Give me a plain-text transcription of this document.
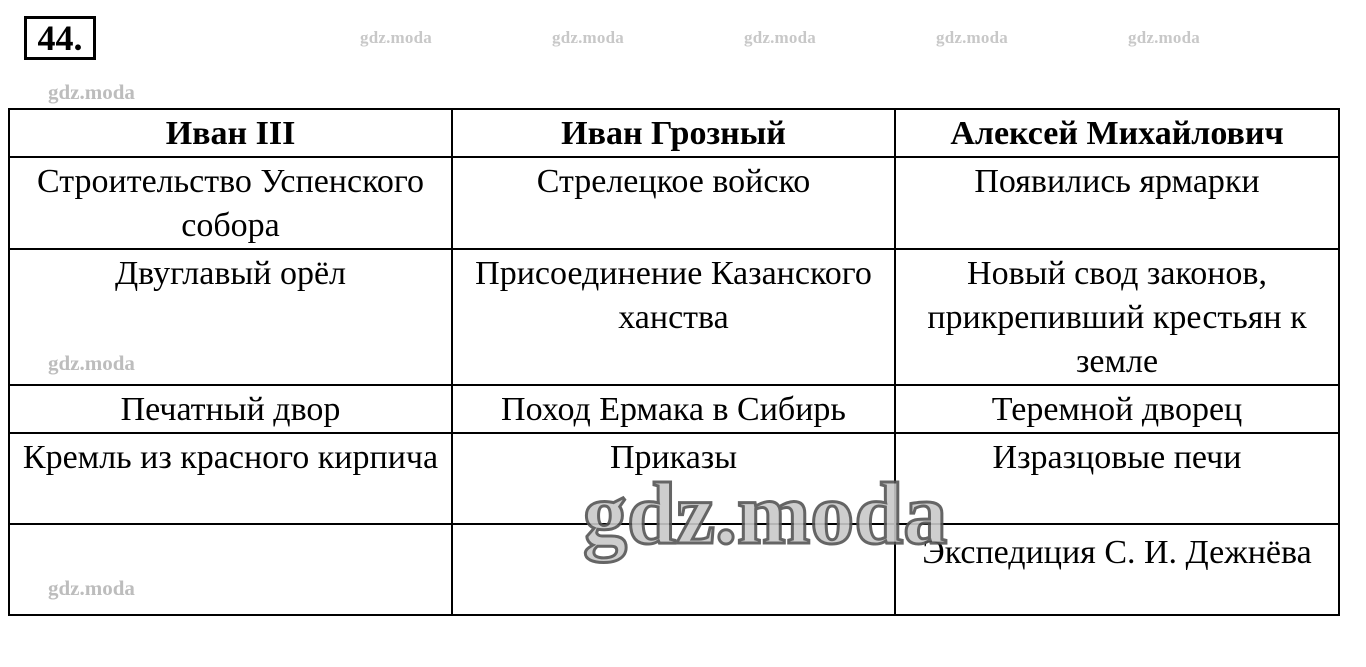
44.	gdz.moda	gdz.moda	gdz.moda	gdz.moda	gdz.moda
gdz.moda
Иван III	Иван Грозный	Алексей Михайлович
Строительство Успенского собора	Стрелецкое войско	Появились ярмарки
Двуглавый орёл	Присоединение Казанского ханства	Новый свод законов, прикрепивший крестьян к земле
Печатный двор	Поход Ермака в Сибирь	Теремной дворец
Кремль из красного кирпича	Приказы	Изразцовые печи
		Экспедиция С. И. Дежнёва
gdz.moda
gdz.moda
gdz.moda
